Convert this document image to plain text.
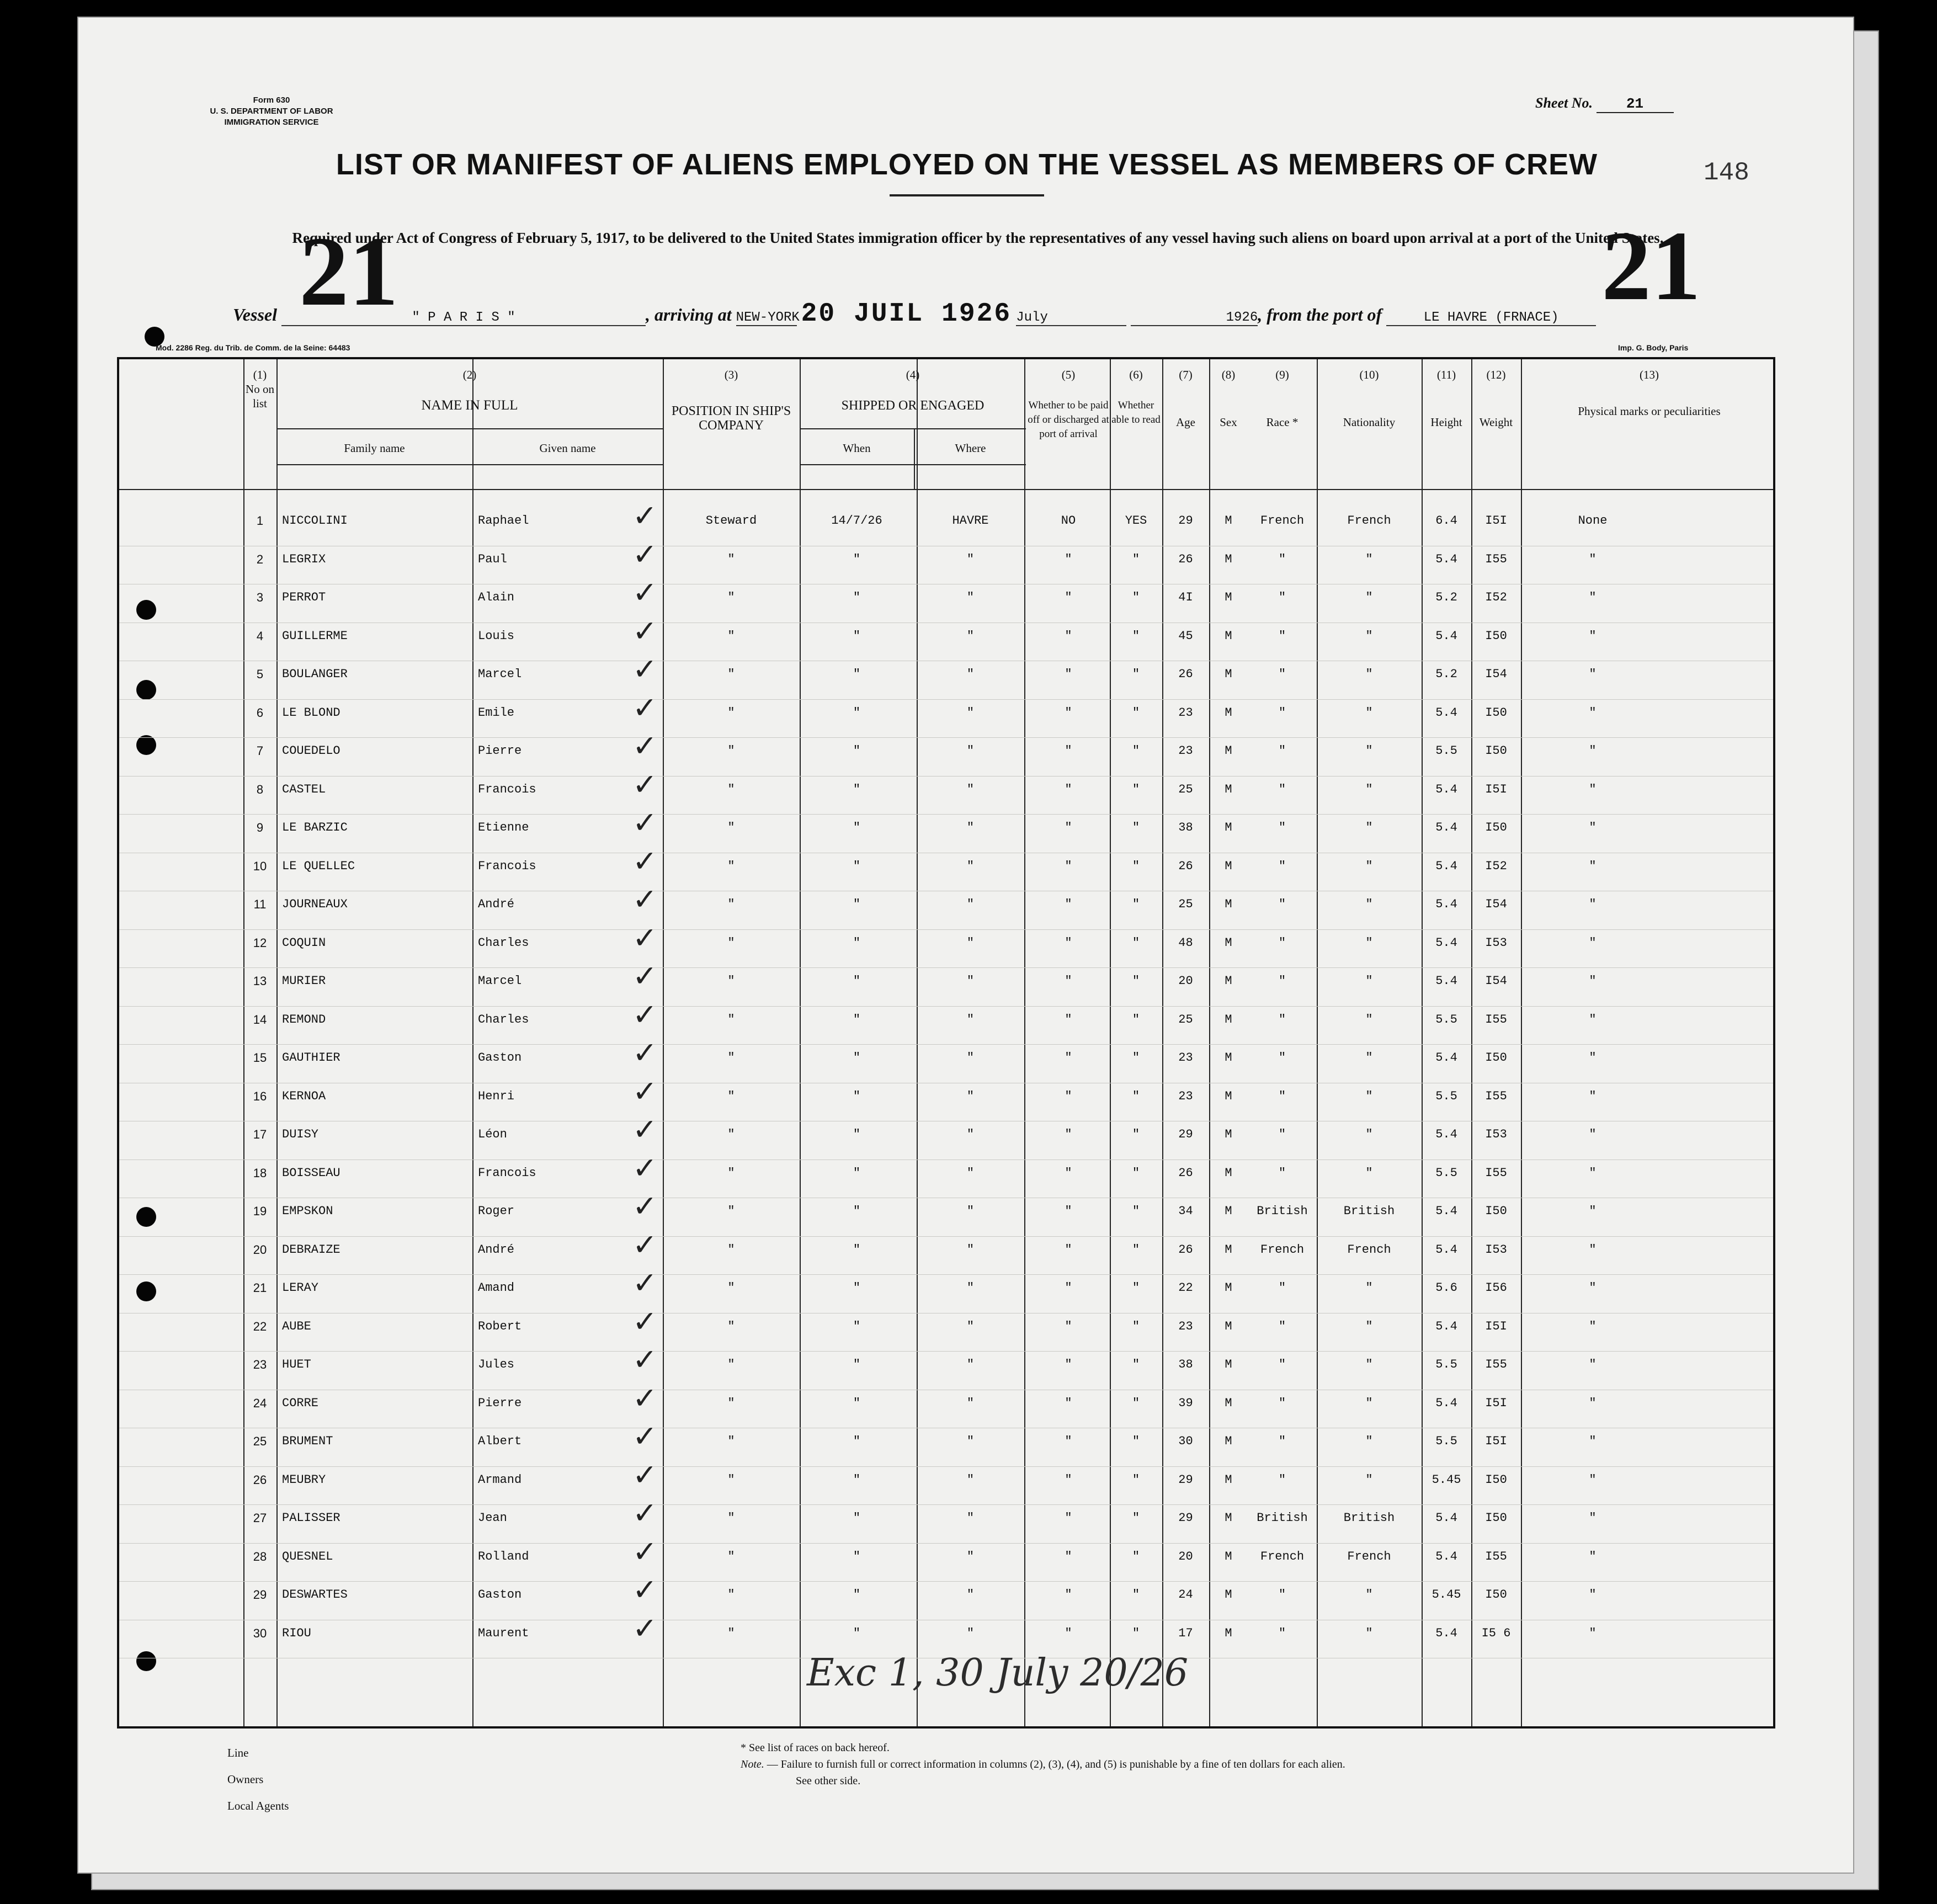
Form 630
U. S. DEPARTMENT OF LABOR
IMMIGRATION SERVICE
Sheet No. 21
148
LIST OR MANIFEST OF ALIENS EMPLOYED ON THE VESSEL AS MEMBERS OF CREW
21	21
Required under Act of Congress of February 5, 1917, to be delivered to the United States immigration officer by the representatives of any vessel having such aliens on board upon arrival at a port of the United States.
Vessel	" P A R I S "	, arriving at NEW-YORK 20 JUIL 1926 July	1926, from the port of	LE HAVRE (FRNACE)
Mod. 2286 Reg. du Trib. de Comm. de la Seine: 64483	Imp. G. Body, Paris
(1)
No on list
(2)
NAME IN FULL
Family name	Given name
(3)
POSITION IN SHIP'S COMPANY
(4)
SHIPPED OR ENGAGED
When	Where
(5)
Whether to be paid off or discharged at port of arrival
(6)
Whether able to read
(7)
Age
(8)
Sex
(9)
Race *
(10)
Nationality
(11)
Height
(12)
Weight
(13)
Physical marks or peculiarities
1	NICCOLINI	Raphael	Steward	14/7/26	HAVRE	NO	YES	29	M	French	French	6.4	I5I	None
✓
2	LEGRIX	Paul	"	"	"	"	"	26	M	"	"	5.4	I55	"
✓
3	PERROT	Alain	"	"	"	"	"	4I	M	"	"	5.2	I52	"
✓
4	GUILLERME	Louis	"	"	"	"	"	45	M	"	"	5.4	I50	"
✓
5	BOULANGER	Marcel	"	"	"	"	"	26	M	"	"	5.2	I54	"
✓
6	LE BLOND	Emile	"	"	"	"	"	23	M	"	"	5.4	I50	"
✓
7	COUEDELO	Pierre	"	"	"	"	"	23	M	"	"	5.5	I50	"
✓
8	CASTEL	Francois	"	"	"	"	"	25	M	"	"	5.4	I5I	"
✓
9	LE BARZIC	Etienne	"	"	"	"	"	38	M	"	"	5.4	I50	"
✓
10	LE QUELLEC	Francois	"	"	"	"	"	26	M	"	"	5.4	I52	"
✓
11	JOURNEAUX	André	"	"	"	"	"	25	M	"	"	5.4	I54	"
✓
12	COQUIN	Charles	"	"	"	"	"	48	M	"	"	5.4	I53	"
✓
13	MURIER	Marcel	"	"	"	"	"	20	M	"	"	5.4	I54	"
✓
14	REMOND	Charles	"	"	"	"	"	25	M	"	"	5.5	I55	"
✓
15	GAUTHIER	Gaston	"	"	"	"	"	23	M	"	"	5.4	I50	"
✓
16	KERNOA	Henri	"	"	"	"	"	23	M	"	"	5.5	I55	"
✓
17	DUISY	Léon	"	"	"	"	"	29	M	"	"	5.4	I53	"
✓
18	BOISSEAU	Francois	"	"	"	"	"	26	M	"	"	5.5	I55	"
✓
19	EMPSKON	Roger	"	"	"	"	"	34	M	British	British	5.4	I50	"
✓
20	DEBRAIZE	André	"	"	"	"	"	26	M	French	French	5.4	I53	"
✓
21	LERAY	Amand	"	"	"	"	"	22	M	"	"	5.6	I56	"
✓
22	AUBE	Robert	"	"	"	"	"	23	M	"	"	5.4	I5I	"
✓
23	HUET	Jules	"	"	"	"	"	38	M	"	"	5.5	I55	"
✓
24	CORRE	Pierre	"	"	"	"	"	39	M	"	"	5.4	I5I	"
✓
25	BRUMENT	Albert	"	"	"	"	"	30	M	"	"	5.5	I5I	"
✓
26	MEUBRY	Armand	"	"	"	"	"	29	M	"	"	5.45	I50	"
✓
27	PALISSER	Jean	"	"	"	"	"	29	M	British	British	5.4	I50	"
✓
28	QUESNEL	Rolland	"	"	"	"	"	20	M	French	French	5.4	I55	"
✓
29	DESWARTES	Gaston	"	"	"	"	"	24	M	"	"	5.45	I50	"
✓
30	RIOU	Maurent	"	"	"	"	"	17	M	"	"	5.4	I5 6	"
✓
Exc 1, 30 July 20/26
Line
Owners
Local Agents
* See list of races on back hereof.
Note. — Failure to furnish full or correct information in columns (2), (3), (4), and (5) is punishable by a fine of ten dollars for each alien.
See other side.
